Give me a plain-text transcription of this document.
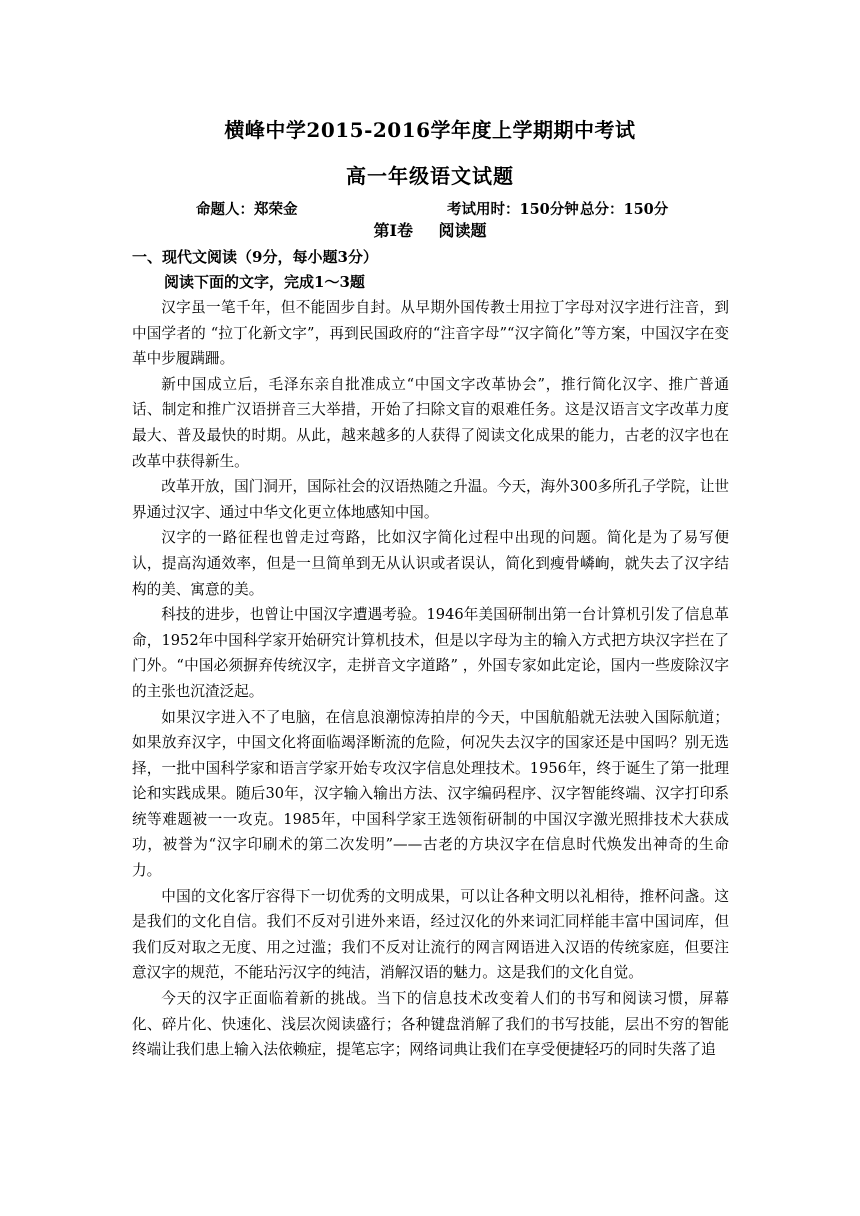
横峰中学2015-2016学年度上学期期中考试
高一年级语文试题
命题人：郑荣金	考试用时：150分钟 总分：150分
第Ⅰ卷 阅读题
一、现代文阅读（9分，每小题3分）
阅读下面的文字，完成1～3题

汉字虽一笔千年，但不能固步自封。从早期外国传教士用拉丁字母对汉字进行注音，到中国学者的 “拉丁化新文字”，再到民国政府的“注音字母”“汉字简化”等方案，中国汉字在变革中步履蹒跚。

新中国成立后，毛泽东亲自批准成立“中国文字改革协会”，推行简化汉字、推广普通话、制定和推广汉语拼音三大举措，开始了扫除文盲的艰难任务。这是汉语言文字改革力度最大、普及最快的时期。从此，越来越多的人获得了阅读文化成果的能力，古老的汉字也在改革中获得新生。

改革开放，国门洞开，国际社会的汉语热随之升温。今天，海外300多所孔子学院，让世界通过汉字、通过中华文化更立体地感知中国。

汉字的一路征程也曾走过弯路，比如汉字简化过程中出现的问题。简化是为了易写便认，提高沟通效率，但是一旦简单到无从认识或者误认，简化到瘦骨嶙峋，就失去了汉字结构的美、寓意的美。

科技的进步，也曾让中国汉字遭遇考验。1946年美国研制出第一台计算机引发了信息革命，1952年中国科学家开始研究计算机技术，但是以字母为主的输入方式把方块汉字拦在了门外。“中国必须摒弃传统汉字，走拼音文字道路” ，外国专家如此定论，国内一些废除汉字的主张也沉渣泛起。

如果汉字进入不了电脑，在信息浪潮惊涛拍岸的今天，中国航船就无法驶入国际航道；如果放弃汉字，中国文化将面临竭泽断流的危险，何况失去汉字的国家还是中国吗？别无选择，一批中国科学家和语言学家开始专攻汉字信息处理技术。1956年，终于诞生了第一批理论和实践成果。随后30年，汉字输入输出方法、汉字编码程序、汉字智能终端、汉字打印系统等难题被一一攻克。1985年，中国科学家王选领衔研制的中国汉字激光照排技术大获成功，被誉为“汉字印刷术的第二次发明”——古老的方块汉字在信息时代焕发出神奇的生命力。

中国的文化客厅容得下一切优秀的文明成果，可以让各种文明以礼相待，推杯问盏。这是我们的文化自信。我们不反对引进外来语，经过汉化的外来词汇同样能丰富中国词库，但我们反对取之无度、用之过滥；我们不反对让流行的网言网语进入汉语的传统家庭，但要注意汉字的规范，不能玷污汉字的纯洁，消解汉语的魅力。这是我们的文化自觉。

今天的汉字正面临着新的挑战。当下的信息技术改变着人们的书写和阅读习惯，屏幕化、碎片化、快速化、浅层次阅读盛行；各种键盘消解了我们的书写技能，层出不穷的智能终端让我们患上输入法依赖症，提笔忘字；网络词典让我们在享受便捷轻巧的同时失落了追
